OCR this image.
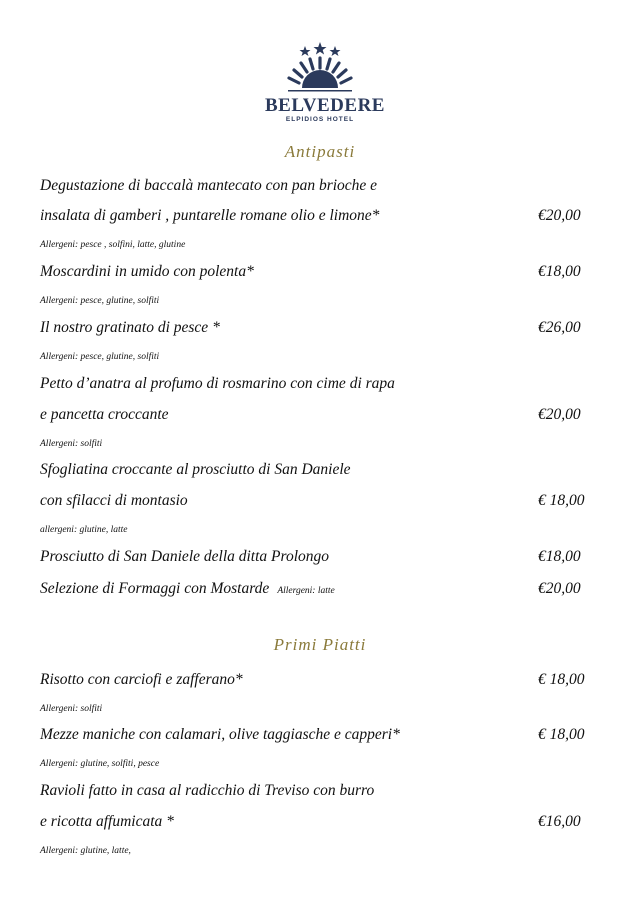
BELVEDERE
ELPIDIOS HOTEL
Antipasti
Degustazione di baccalà mantecato con pan brioche e
insalata di gamberi , puntarelle romane olio e limone*	€20,00
Allergeni: pesce , solfini, latte, glutine
Moscardini in umido con polenta*	€18,00
Allergeni: pesce, glutine, solfiti
Il nostro gratinato di pesce *	€26,00
Allergeni: pesce, glutine, solfiti
Petto d’anatra al profumo di rosmarino con cime di rapa
e pancetta croccante	€20,00
Allergeni: solfiti
Sfogliatina croccante al prosciutto di San Daniele
con sfilacci di montasio	€ 18,00
allergeni: glutine, latte
Prosciutto di San Daniele della ditta Prolongo	€18,00
Selezione di Formaggi con Mostarde Allergeni: latte	€20,00
Primi Piatti
Risotto con carciofi e zafferano*	€ 18,00
Allergeni: solfiti
Mezze maniche con calamari, olive taggiasche e capperi*	€ 18,00
Allergeni: glutine, solfiti, pesce
Ravioli fatto in casa al radicchio di Treviso con burro
e ricotta affumicata *	€16,00
Allergeni: glutine, latte,
